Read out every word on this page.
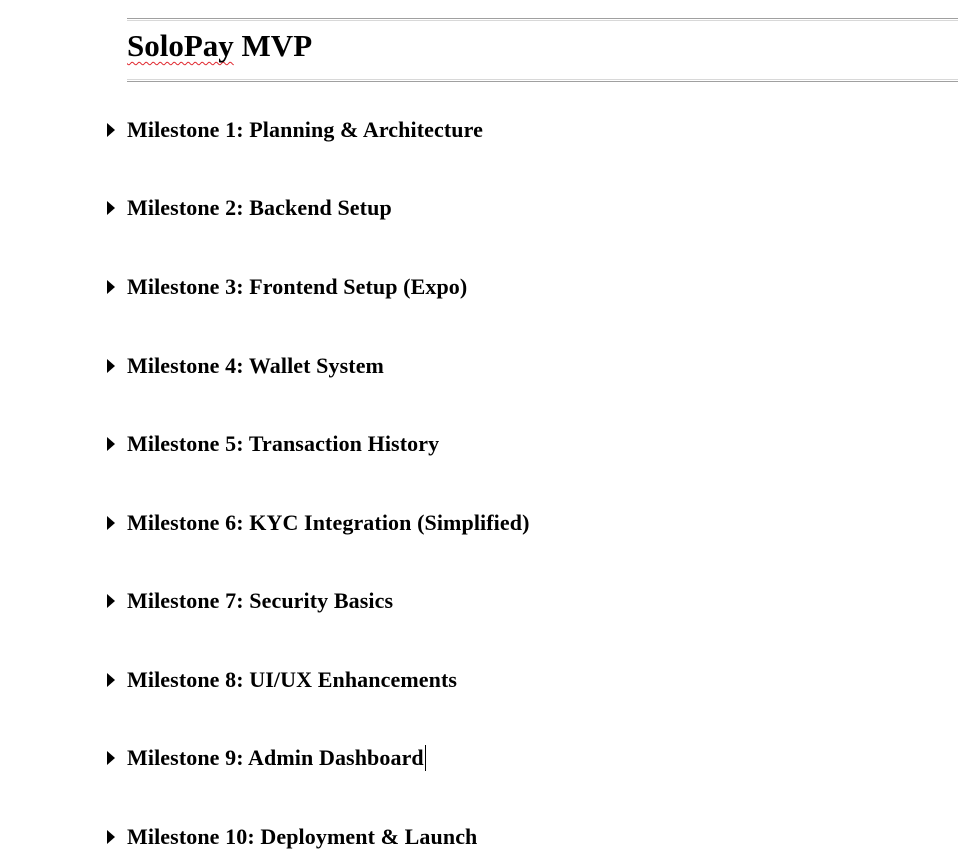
SoloPay MVP
Milestone 1: Planning & Architecture
Milestone 2: Backend Setup
Milestone 3: Frontend Setup (Expo)
Milestone 4: Wallet System
Milestone 5: Transaction History
Milestone 6: KYC Integration (Simplified)
Milestone 7: Security Basics
Milestone 8: UI/UX Enhancements
Milestone 9: Admin Dashboard
Milestone 10: Deployment & Launch
